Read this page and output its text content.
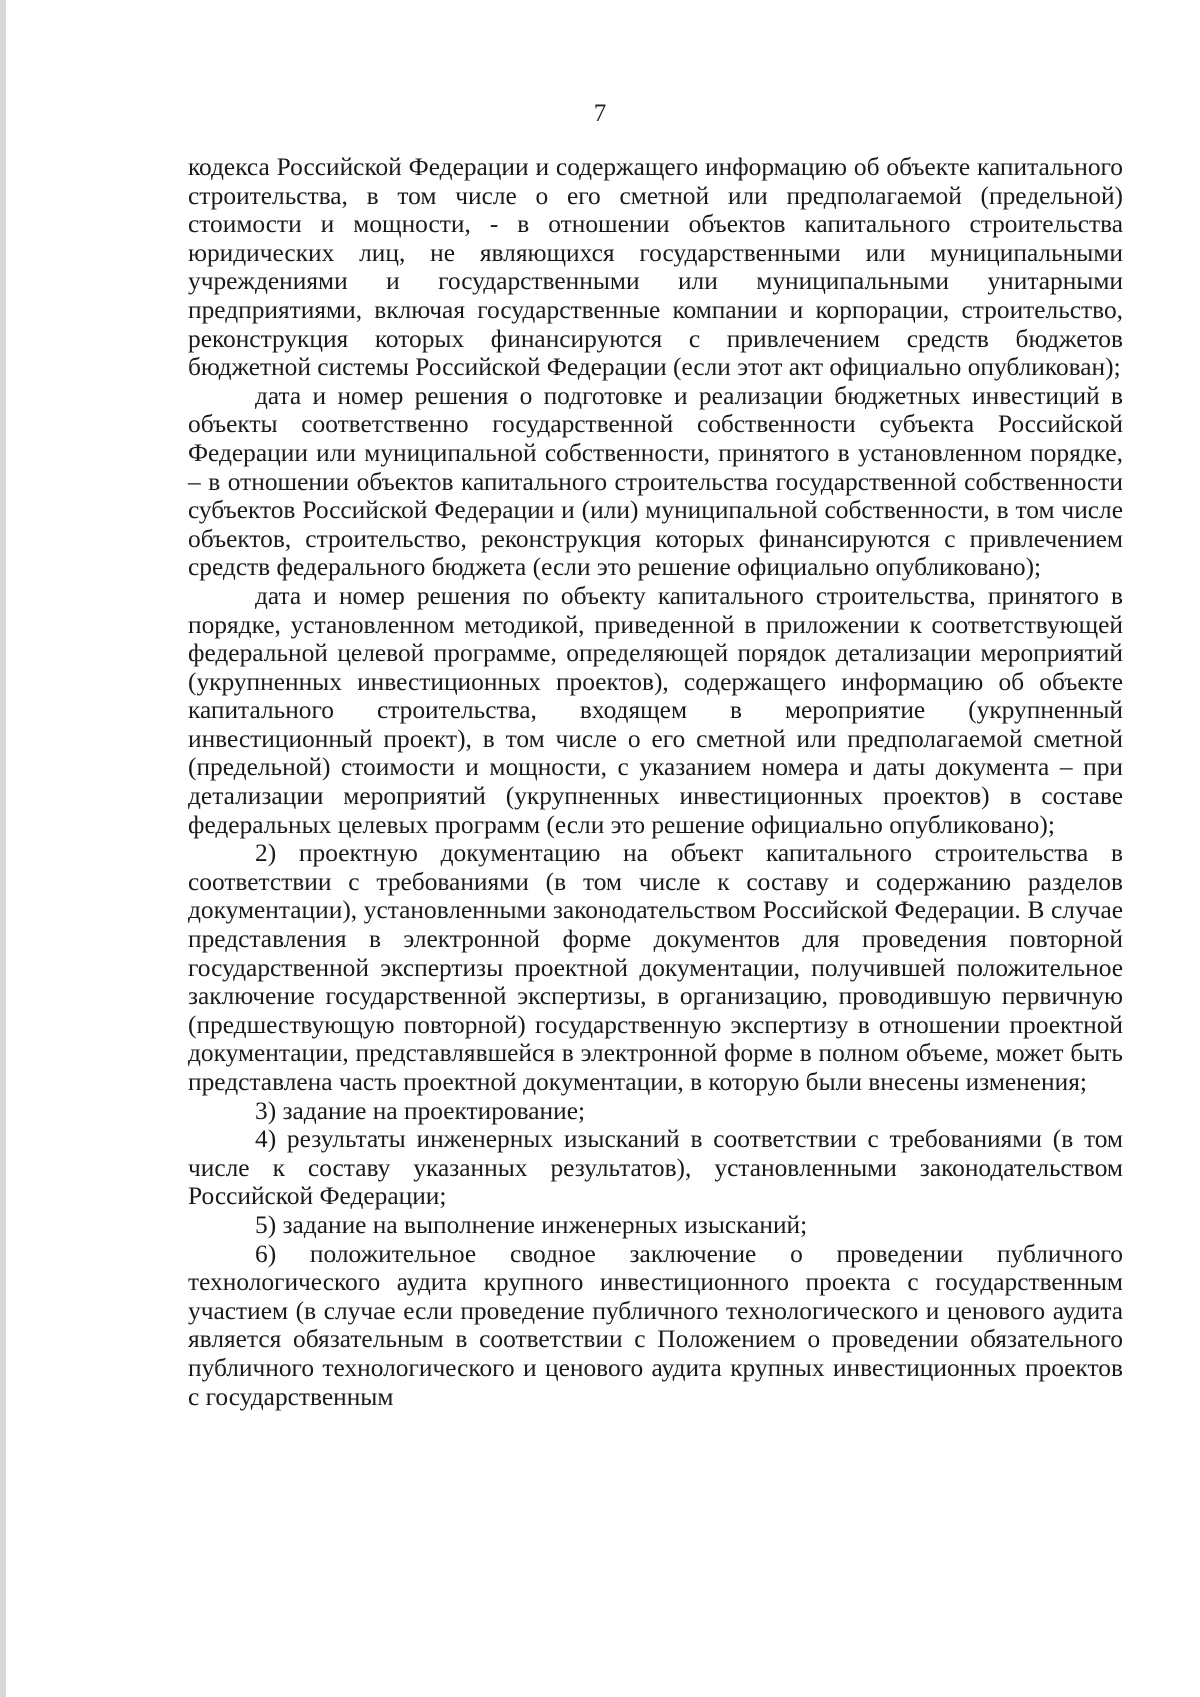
7

кодекса Российской Федерации и содержащего информацию об объекте капитального строительства, в том числе о его сметной или предполагаемой (предельной) стоимости и мощности, - в отношении объектов капитального строительства юридических лиц, не являющихся государственными или муниципальными учреждениями и государственными или муниципальными унитарными предприятиями, включая государственные компании и корпорации, строительство, реконструкция которых финансируются с привлечением средств бюджетов бюджетной системы Российской Федерации (если этот акт официально опубликован);

дата и номер решения о подготовке и реализации бюджетных инвестиций в объекты соответственно государственной собственности субъекта Российской Федерации или муниципальной собственности, принятого в установленном порядке, – в отношении объектов капитального строительства государственной собственности субъектов Российской Федерации и (или) муниципальной собственности, в том числе объектов, строительство, реконструкция которых финансируются с привлечением средств федерального бюджета (если это решение официально опубликовано);

дата и номер решения по объекту капитального строительства, принятого в порядке, установленном методикой, приведенной в приложении к соответствующей федеральной целевой программе, определяющей порядок детализации мероприятий (укрупненных инвестиционных проектов), содержащего информацию об объекте капитального строительства, входящем в мероприятие (укрупненный инвестиционный проект), в том числе о его сметной или предполагаемой сметной (предельной) стоимости и мощности, с указанием номера и даты документа – при детализации мероприятий (укрупненных инвестиционных проектов) в составе федеральных целевых программ (если это решение официально опубликовано);

2) проектную документацию на объект капитального строительства в соответствии с требованиями (в том числе к составу и содержанию разделов документации), установленными законодательством Российской Федерации. В случае представления в электронной форме документов для проведения повторной государственной экспертизы проектной документации, получившей положительное заключение государственной экспертизы, в организацию, проводившую первичную (предшествующую повторной) государственную экспертизу в отношении проектной документации, представлявшейся в электронной форме в полном объеме, может быть представлена часть проектной документации, в которую были внесены изменения;

3) задание на проектирование;

4) результаты инженерных изысканий в соответствии с требованиями (в том числе к составу указанных результатов), установленными законодательством Российской Федерации;

5) задание на выполнение инженерных изысканий;

6) положительное сводное заключение о проведении публичного технологического аудита крупного инвестиционного проекта с государственным участием (в случае если проведение публичного технологического и ценового аудита является обязательным в соответствии с Положением о проведении обязательного публичного технологического и ценового аудита крупных инвестиционных проектов с государственным
